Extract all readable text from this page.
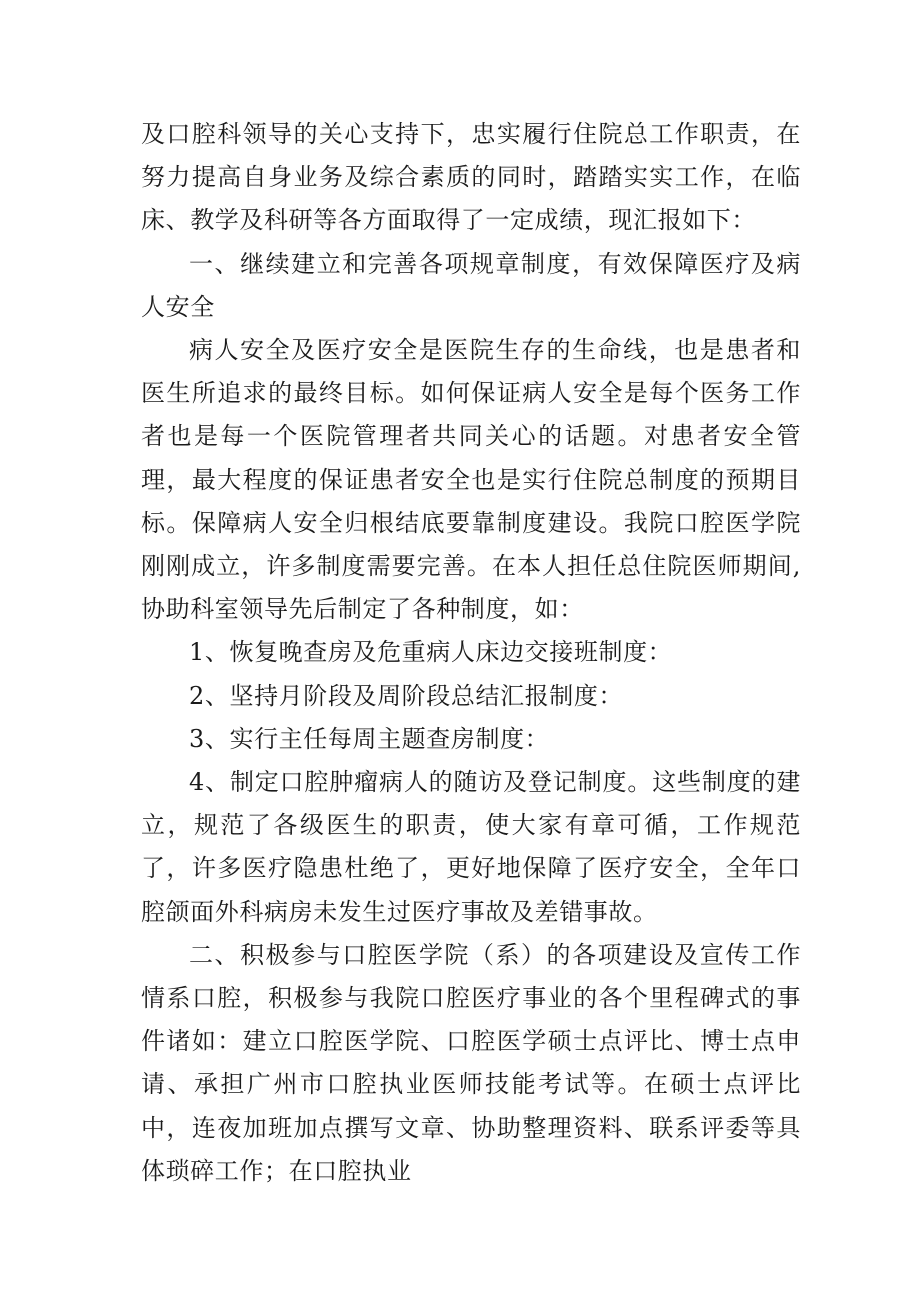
及口腔科领导的关心支持下，忠实履行住院总工作职责，在努力提高自身业务及综合素质的同时，踏踏实实工作，在临床、教学及科研等各方面取得了一定成绩，现汇报如下：

一、继续建立和完善各项规章制度，有效保障医疗及病人安全

病人安全及医疗安全是医院生存的生命线，也是患者和医生所追求的最终目标。如何保证病人安全是每个医务工作者也是每一个医院管理者共同关心的话题。对患者安全管理，最大程度的保证患者安全也是实行住院总制度的预期目标。保障病人安全归根结底要靠制度建设。我院口腔医学院刚刚成立，许多制度需要完善。在本人担任总住院医师期间,协助科室领导先后制定了各种制度，如：

1、恢复晚查房及危重病人床边交接班制度：

2、坚持月阶段及周阶段总结汇报制度：

3、实行主任每周主题查房制度：

4、制定口腔肿瘤病人的随访及登记制度。这些制度的建立，规范了各级医生的职责，使大家有章可循，工作规范了，许多医疗隐患杜绝了，更好地保障了医疗安全，全年口腔颌面外科病房未发生过医疗事故及差错事故。

二、积极参与口腔医学院（系）的各项建设及宣传工作情系口腔，积极参与我院口腔医疗事业的各个里程碑式的事件诸如：建立口腔医学院、口腔医学硕士点评比、博士点申请、承担广州市口腔执业医师技能考试等。在硕士点评比中，连夜加班加点撰写文章、协助整理资料、联系评委等具体琐碎工作；在口腔执业
